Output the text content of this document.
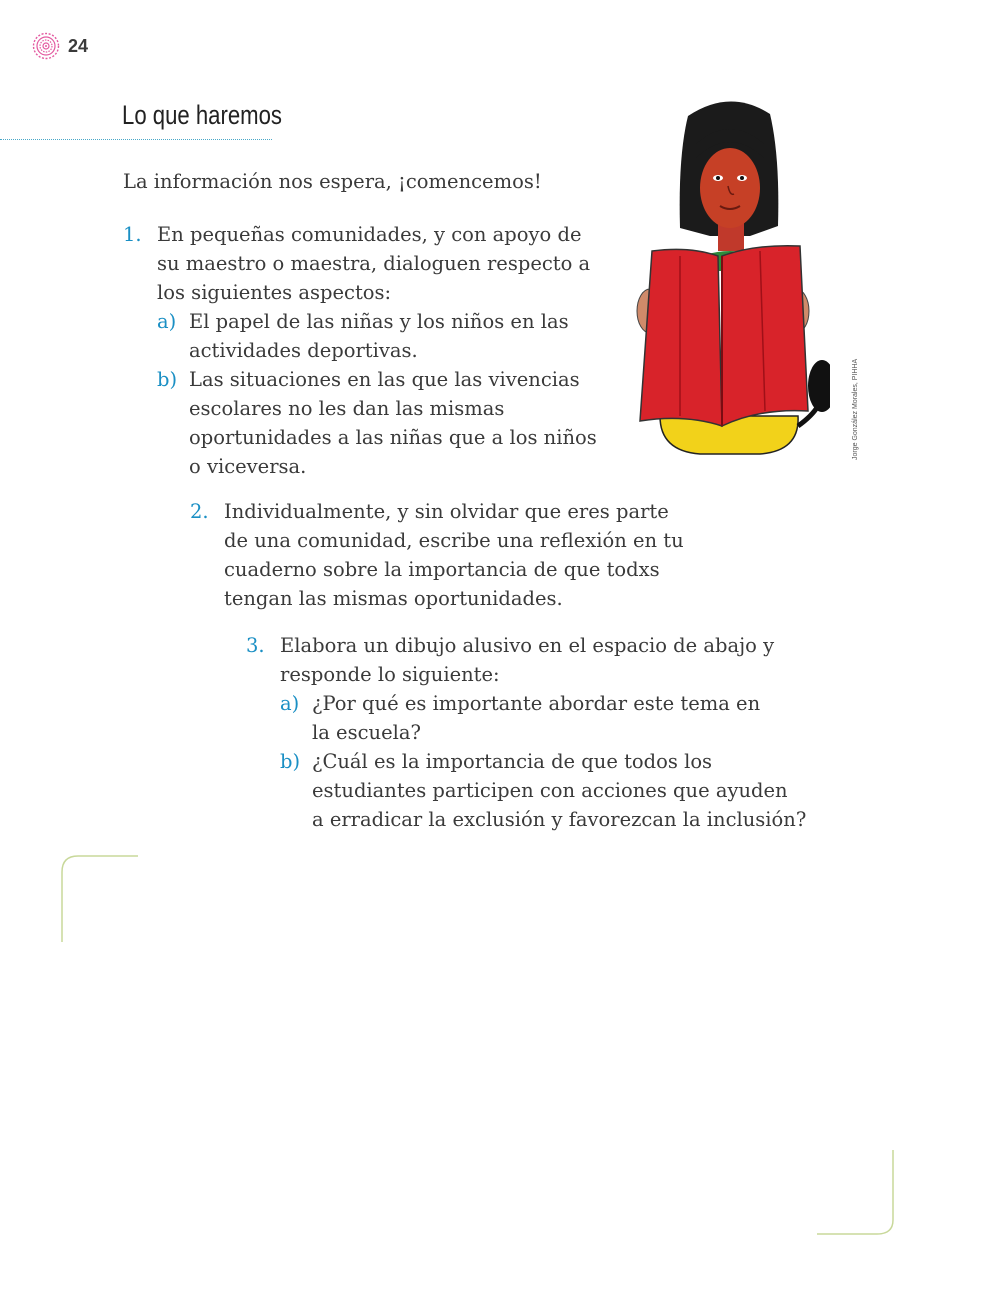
24
Lo que haremos
La información nos espera, ¡comencemos!
1. En pequeñas comunidades, y con apoyo de
su maestro o maestra, dialoguen respecto a
los siguientes aspectos:
a) El papel de las niñas y los niños en las
actividades deportivas.
b) Las situaciones en las que las vivencias
escolares no les dan las mismas
oportunidades a las niñas que a los niños
o viceversa.
2. Individualmente, y sin olvidar que eres parte
de una comunidad, escribe una reflexión en tu
cuaderno sobre la importancia de que todxs
tengan las mismas oportunidades.
3. Elabora un dibujo alusivo en el espacio de abajo y
responde lo siguiente:
a) ¿Por qué es importante abordar este tema en
la escuela?
b) ¿Cuál es la importancia de que todos los
estudiantes participen con acciones que ayuden
a erradicar la exclusión y favorezcan la inclusión?
Jorge González Morales, PIHHA
